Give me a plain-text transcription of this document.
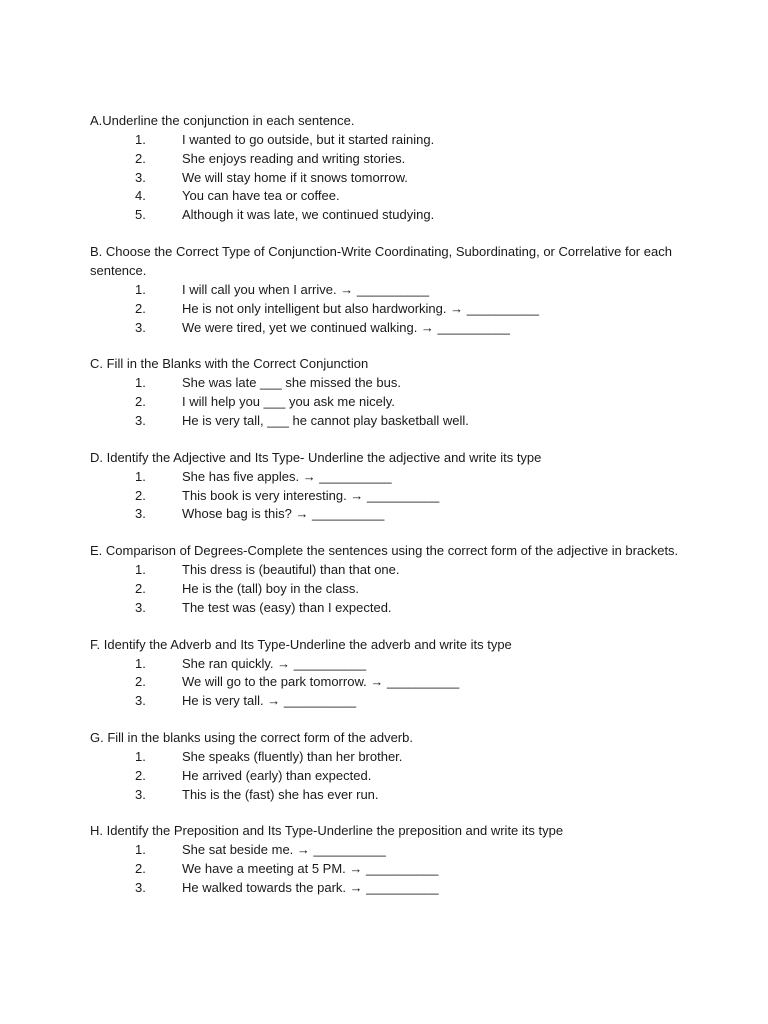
A.Underline the conjunction in each sentence.

1.	I wanted to go outside, but it started raining.
2.	She enjoys reading and writing stories.
3.	We will stay home if it snows tomorrow.
4.	You can have tea or coffee.
5.	Although it was late, we continued studying.

B. Choose the Correct Type of Conjunction-Write Coordinating, Subordinating, or Correlative for each sentence.

1.	I will call you when I arrive. → __________
2.	He is not only intelligent but also hardworking. → __________
3.	We were tired, yet we continued walking. → __________

C. Fill in the Blanks with the Correct Conjunction

1.	She was late ___ she missed the bus.
2.	I will help you ___ you ask me nicely.
3.	He is very tall, ___ he cannot play basketball well.

D. Identify the Adjective and Its Type- Underline the adjective and write its type

1.	She has five apples. → __________
2.	This book is very interesting. → __________
3.	Whose bag is this? → __________

E. Comparison of Degrees-Complete the sentences using the correct form of the adjective in brackets.

1.	This dress is (beautiful) than that one.
2.	He is the (tall) boy in the class.
3.	The test was (easy) than I expected.

F. Identify the Adverb and Its Type-Underline the adverb and write its type

1.	She ran quickly. → __________
2.	We will go to the park tomorrow. → __________
3.	He is very tall. → __________

G. Fill in the blanks using the correct form of the adverb.

1.	She speaks (fluently) than her brother.
2.	He arrived (early) than expected.
3.	This is the (fast) she has ever run.

H. Identify the Preposition and Its Type-Underline the preposition and write its type

1.	She sat beside me. → __________
2.	We have a meeting at 5 PM. → __________
3.	He walked towards the park. → __________
